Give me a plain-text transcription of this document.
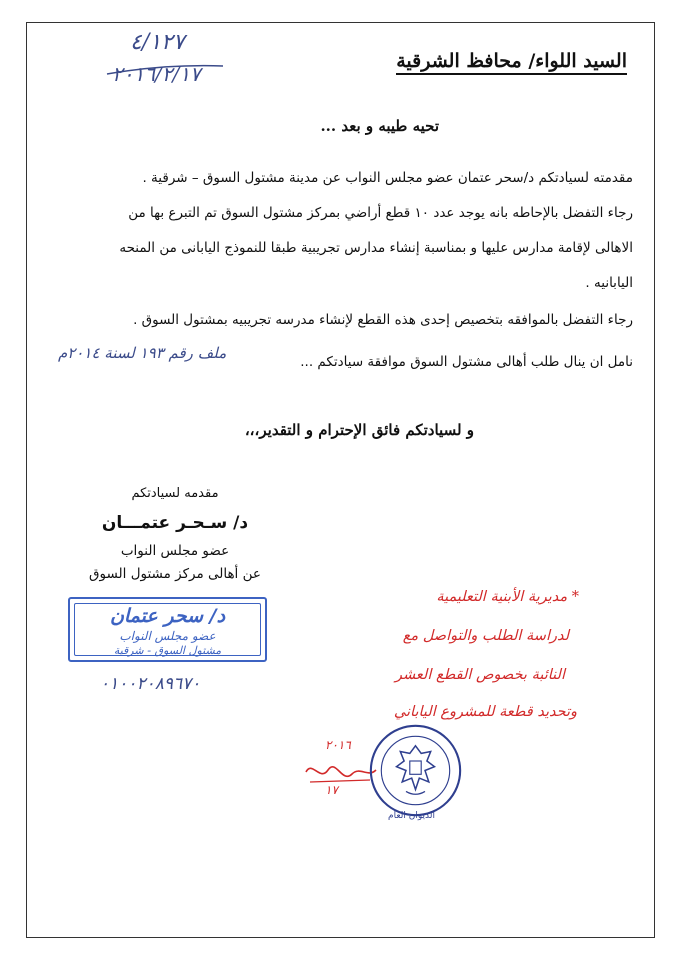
٤/١٢٧
٢٠١٦/٢/١٧
السيد اللواء/ محافظ الشرقية
تحيه طيبه و بعد ...
مقدمته لسيادتكم د/سحر عتمان عضو مجلس النواب عن مدينة مشتول السوق – شرقية .
رجاء التفضل بالإحاطه بانه يوجد عدد ١٠ قطع أراضي بمركز مشتول السوق تم التبرع بها من
الاهالى لإقامة مدارس عليها و بمناسبة إنشاء مدارس تجريبية طبقا للنموذج اليابانى من المنحه
اليابانيه .
رجاء التفضل بالموافقه بتخصيص إحدى هذه القطع لإنشاء مدرسه تجريبيه بمشتول السوق .
نامل ان ينال طلب أهالى مشتول السوق موافقة سيادتكم ...
ملف رقم ١٩٣ لسنة ٢٠١٤م
و لسيادتكم فائق الإحترام و التقدير،،،
مقدمه لسيادتكم
د/ سـحـر عتمـــان
عضو مجلس النواب
عن أهالى مركز مشتول السوق
د/ سحر عتمان
عضو مجلس النواب
مشتول السوق - شرقية
٠١٠٠٢٠٨٩٦٧٠
* مديرية الأبنية التعليمية
لدراسة الطلب والتواصل مع
النائبة بخصوص القطع العشر
وتحديد قطعة للمشروع الياباني
٢٠١٦
١٧
الديوان العام
